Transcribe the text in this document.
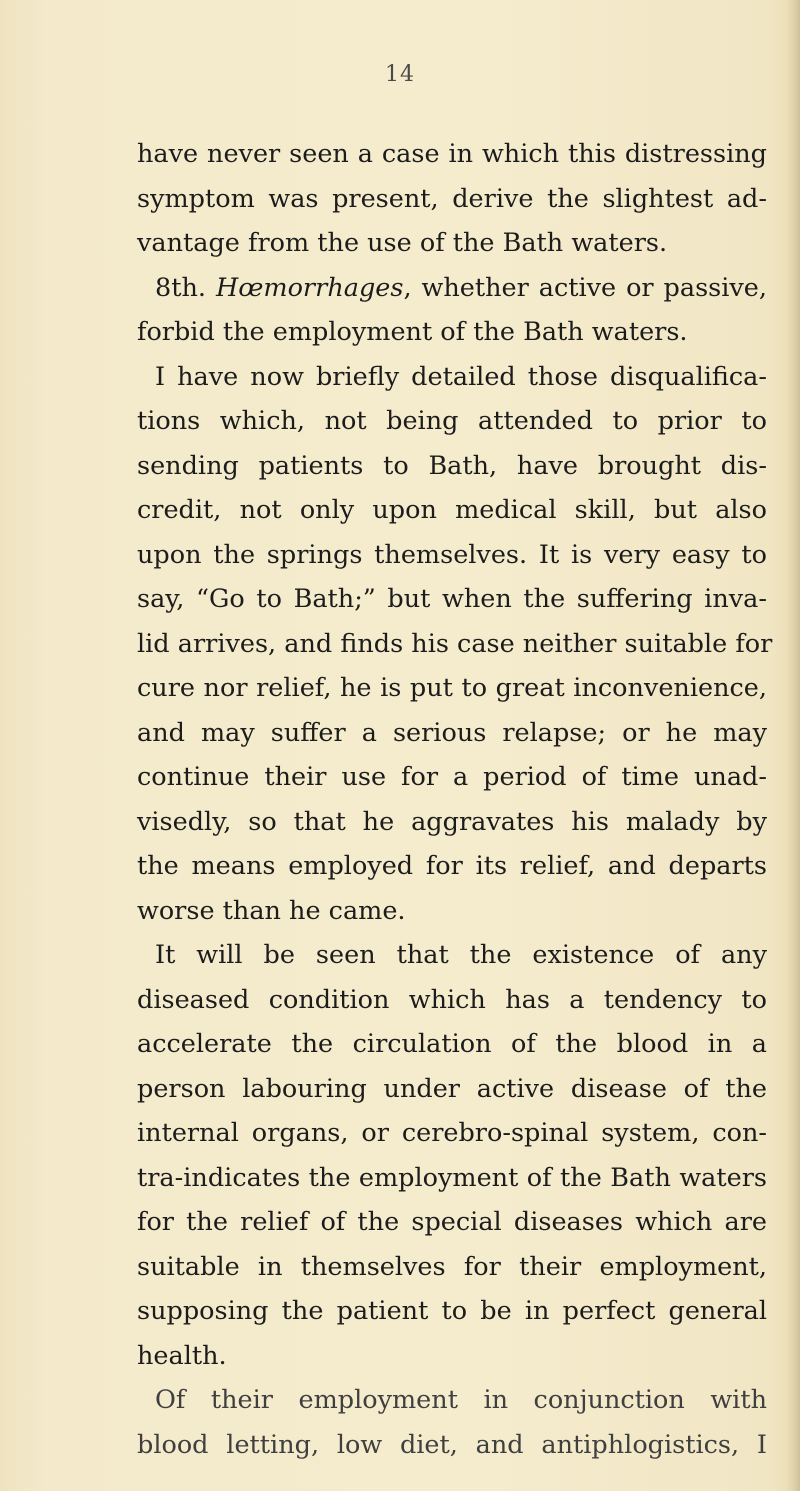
14
have never seen a case in which this distressing
symptom was present, derive the slightest ad-
vantage from the use of the Bath waters.
8th. Hœmorrhages, whether active or passive,
forbid the employment of the Bath waters.
I have now briefly detailed those disqualifica-
tions which, not being attended to prior to
sending patients to Bath, have brought dis-
credit, not only upon medical skill, but also
upon the springs themselves. It is very easy to
say, “Go to Bath;” but when the suffering inva-
lid arrives, and finds his case neither suitable for
cure nor relief, he is put to great inconvenience,
and may suffer a serious relapse; or he may
continue their use for a period of time unad-
visedly, so that he aggravates his malady by
the means employed for its relief, and departs
worse than he came.
It will be seen that the existence of any
diseased condition which has a tendency to
accelerate the circulation of the blood in a
person labouring under active disease of the
internal organs, or cerebro-spinal system, con-
tra-indicates the employment of the Bath waters
for the relief of the special diseases which are
suitable in themselves for their employment,
supposing the patient to be in perfect general
health.
Of their employment in conjunction with
blood letting, low diet, and antiphlogistics, I
